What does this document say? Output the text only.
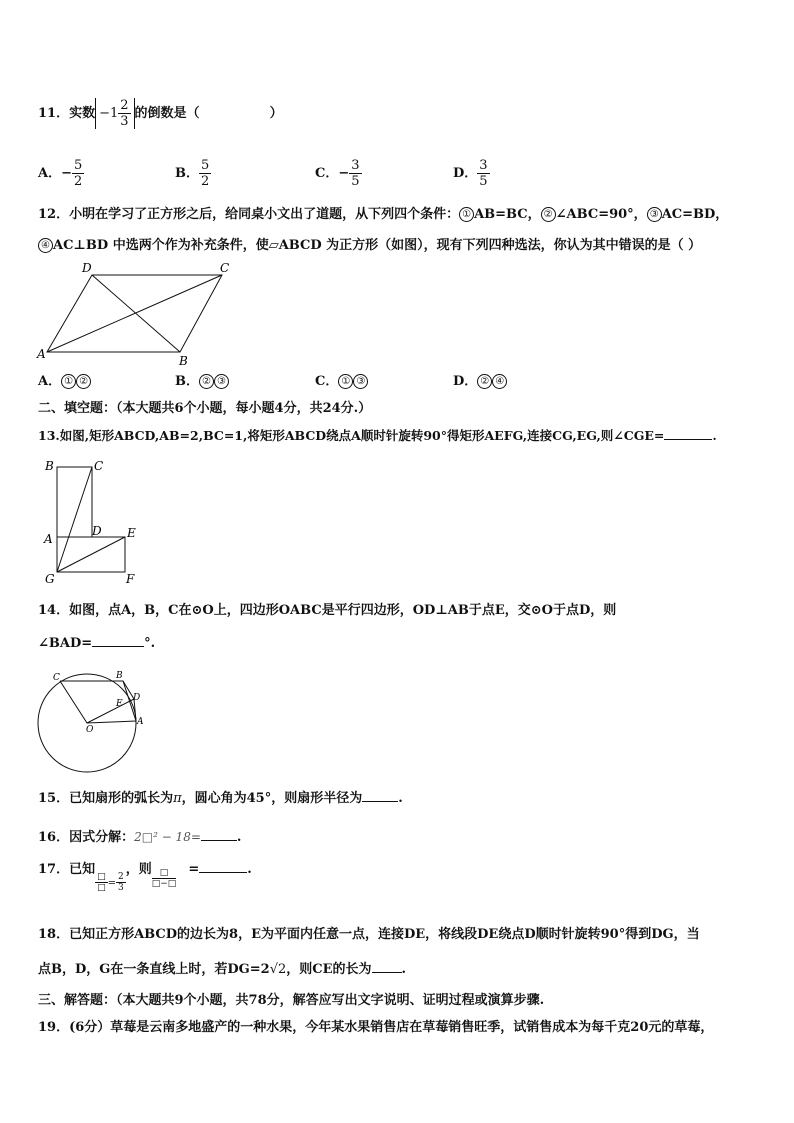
11．实数 $-1 \frac{2}{3}$ 的倒数是（	）
A．− $\frac{5}{2}$	B． $\frac{5}{2}$	C．− $\frac{3}{5}$	D． $\frac{3}{5}$
12．小明在学习了正方形之后，给同桌小文出了道题，从下列四个条件： ① AB=BC， ② ∠ABC=90°， ③ AC=BD，
④ AC⊥BD 中选两个作为补充条件，使▱ABCD 为正方形（如图），现有下列四种选法，你认为其中错误的是（ ）
D	C
A	B
A． ① ②	B． ② ③	C． ① ③	D． ② ④
二、填空题：（本大题共6个小题，每小题4分，共24分.）
13.如图,矩形ABCD,AB=2,BC=1,将矩形ABCD绕点A顺时针旋转90°得矩形AEFG,连接CG,EG,则∠CGE=	.
B	C
A
D E
G	F
14．如图，点A，B，C在⊙O上，四边形OABC是平行四边形，OD⊥AB于点E，交⊙O于点D，则
∠BAD=	°.
C	B
D
E
O
A
15．已知扇形的弧长为π，圆心角为45°，则扇形半径为	.
16．因式分解：2□² − 18=	.
17．已知
$\frac{□}{□} = \frac{2}{3}$
，则 $\frac{□}{□-□}$ =	.
18．已知正方形ABCD的边长为8，E为平面内任意一点，连接DE，将线段DE绕点D顺时针旋转90°得到DG，当
点B，D，G在一条直线上时，若DG=2√2，则CE的长为 .
三、解答题：（本大题共9个小题，共78分，解答应写出文字说明、证明过程或演算步骤.
19．(6分）草莓是云南多地盛产的一种水果，今年某水果销售店在草莓销售旺季，试销售成本为每千克20元的草莓，
